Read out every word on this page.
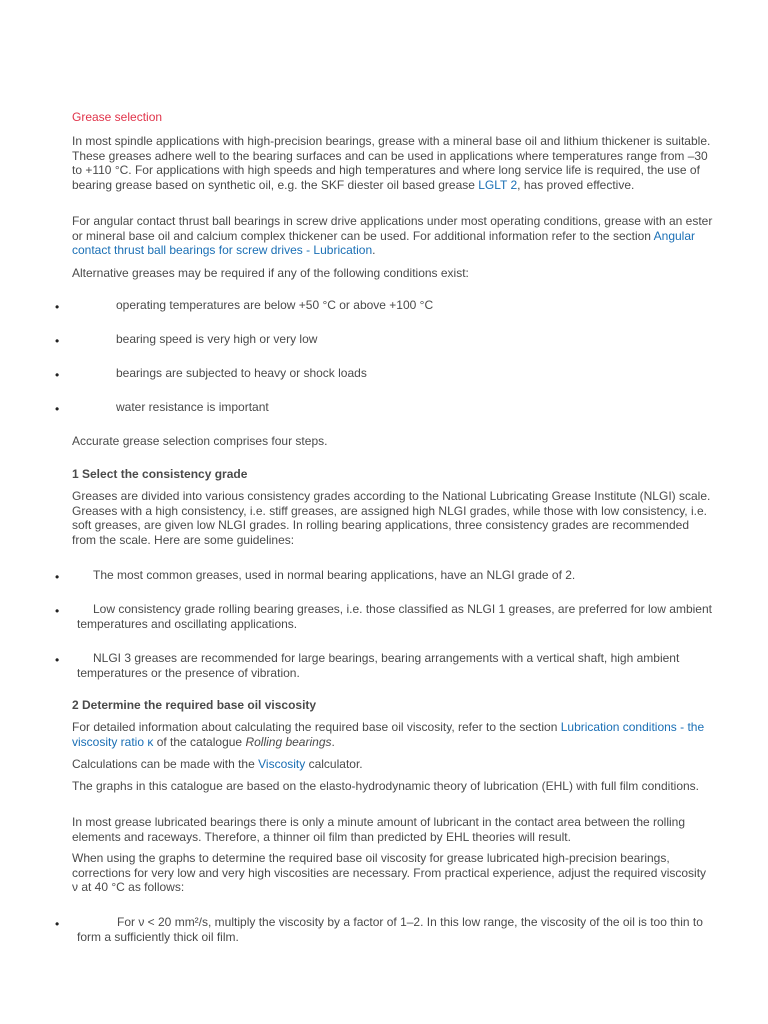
Grease selection

In most spindle applications with high-precision bearings, grease with a mineral base oil and lithium thickener is suitable. These greases adhere well to the bearing surfaces and can be used in applications where temperatures range from –30 to +110 °C. For applications with high speeds and high temperatures and where long service life is required, the use of bearing grease based on synthetic oil, e.g. the SKF diester oil based grease LGLT 2, has proved effective.

For angular contact thrust ball bearings in screw drive applications under most operating conditions, grease with an ester or mineral base oil and calcium complex thickener can be used. For additional information refer to the section Angular contact thrust ball bearings for screw drives - Lubrication.

Alternative greases may be required if any of the following conditions exist:

•	operating temperatures are below +50 °C or above +100 °C

•	bearing speed is very high or very low

•	bearings are subjected to heavy or shock loads

•	water resistance is important

Accurate grease selection comprises four steps.

1 Select the consistency grade

Greases are divided into various consistency grades according to the National Lubricating Grease Institute (NLGI) scale. Greases with a high consistency, i.e. stiff greases, are assigned high NLGI grades, while those with low consistency, i.e. soft greases, are given low NLGI grades. In rolling bearing applications, three consistency grades are recommended from the scale. Here are some guidelines:

•	The most common greases, used in normal bearing applications, have an NLGI grade of 2.

•	Low consistency grade rolling bearing greases, i.e. those classified as NLGI 1 greases, are preferred for low ambient temperatures and oscillating applications.

•	NLGI 3 greases are recommended for large bearings, bearing arrangements with a vertical shaft, high ambient temperatures or the presence of vibration.

2 Determine the required base oil viscosity

For detailed information about calculating the required base oil viscosity, refer to the section Lubrication conditions - the viscosity ratio κ of the catalogue Rolling bearings.

Calculations can be made with the Viscosity calculator.

The graphs in this catalogue are based on the elasto-hydrodynamic theory of lubrication (EHL) with full film conditions.

In most grease lubricated bearings there is only a minute amount of lubricant in the contact area between the rolling elements and raceways. Therefore, a thinner oil film than predicted by EHL theories will result.

When using the graphs to determine the required base oil viscosity for grease lubricated high-precision bearings, corrections for very low and very high viscosities are necessary. From practical experience, adjust the required viscosity ν at 40 °C as follows:

•	For ν < 20 mm²/s, multiply the viscosity by a factor of 1–2. In this low range, the viscosity of the oil is too thin to form a sufficiently thick oil film.
